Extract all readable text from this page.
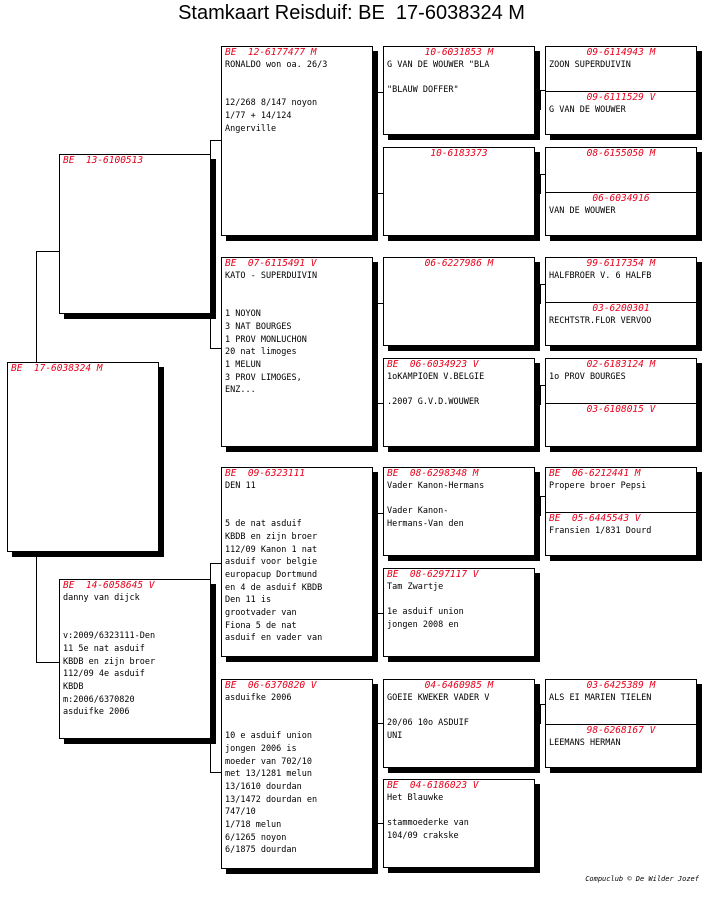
Stamkaart Reisduif: BE  17-6038324 M
BE  17-6038324 M
BE  13-6100513
BE  14-6058645 V
danny van dijck

v:2009/6323111-Den
11 5e nat asduif
KBDB en zijn broer
112/09 4e asduif
KBDB
m:2006/6370820
asduifke 2006
BE  12-6177477 M
RONALDO won oa. 26/3

12/268 8/147 noyon
1/77 + 14/124
Angerville
BE  07-6115491 V
KATO - SUPERDUIVIN

1 NOYON
3 NAT BOURGES
1 PROV MONLUCHON
20 nat limoges
1 MELUN
3 PROV LIMOGES,
ENZ...
BE  09-6323111
DEN 11

5 de nat asduif
KBDB en zijn broer
112/09 Kanon 1 nat
asduif voor belgie
europacup Dortmund
en 4 de asduif KBDB
Den 11 is
grootvader van
Fiona 5 de nat
asduif en vader van
BE  06-6370820 V
asduifke 2006

10 e asduif union
jongen 2006 is
moeder van 702/10
met 13/1281 melun
13/1610 dourdan
13/1472 dourdan en
747/10
1/718 melun
6/1265 noyon
6/1875 dourdan
10-6031853 M
G VAN DE WOUWER "BLA

"BLAUW DOFFER"
10-6183373
06-6227986 M
BE  06-6034923 V
1oKAMPIOEN V.BELGIE

.2007 G.V.D.WOUWER
BE  08-6298348 M
Vader Kanon-Hermans

Vader Kanon-
Hermans-Van den
BE  08-6297117 V
Tam Zwartje

1e asduif union
jongen 2008 en
04-6460985 M
GOEIE KWEKER VADER V

20/06 10o ASDUIF
UNI
BE  04-6186023 V
Het Blauwke

stammoederke van
104/09 crakske
09-6114943 M
ZOON SUPERDUIVIN
09-6111529 V
G VAN DE WOUWER
08-6155050 M
06-6034916
VAN DE WOUWER
99-6117354 M
HALFBROER V. 6 HALFB
03-6200301
RECHTSTR.FLOR VERVOO
02-6183124 M
1o PROV BOURGES
03-6108015 V
BE  06-6212441 M
Propere broer Pepsi
BE  05-6445543 V
Fransien 1/831 Dourd
03-6425389 M
ALS EI MARIEN TIELEN
98-6268167 V
LEEMANS HERMAN
Compuclub © De Wilder Jozef
